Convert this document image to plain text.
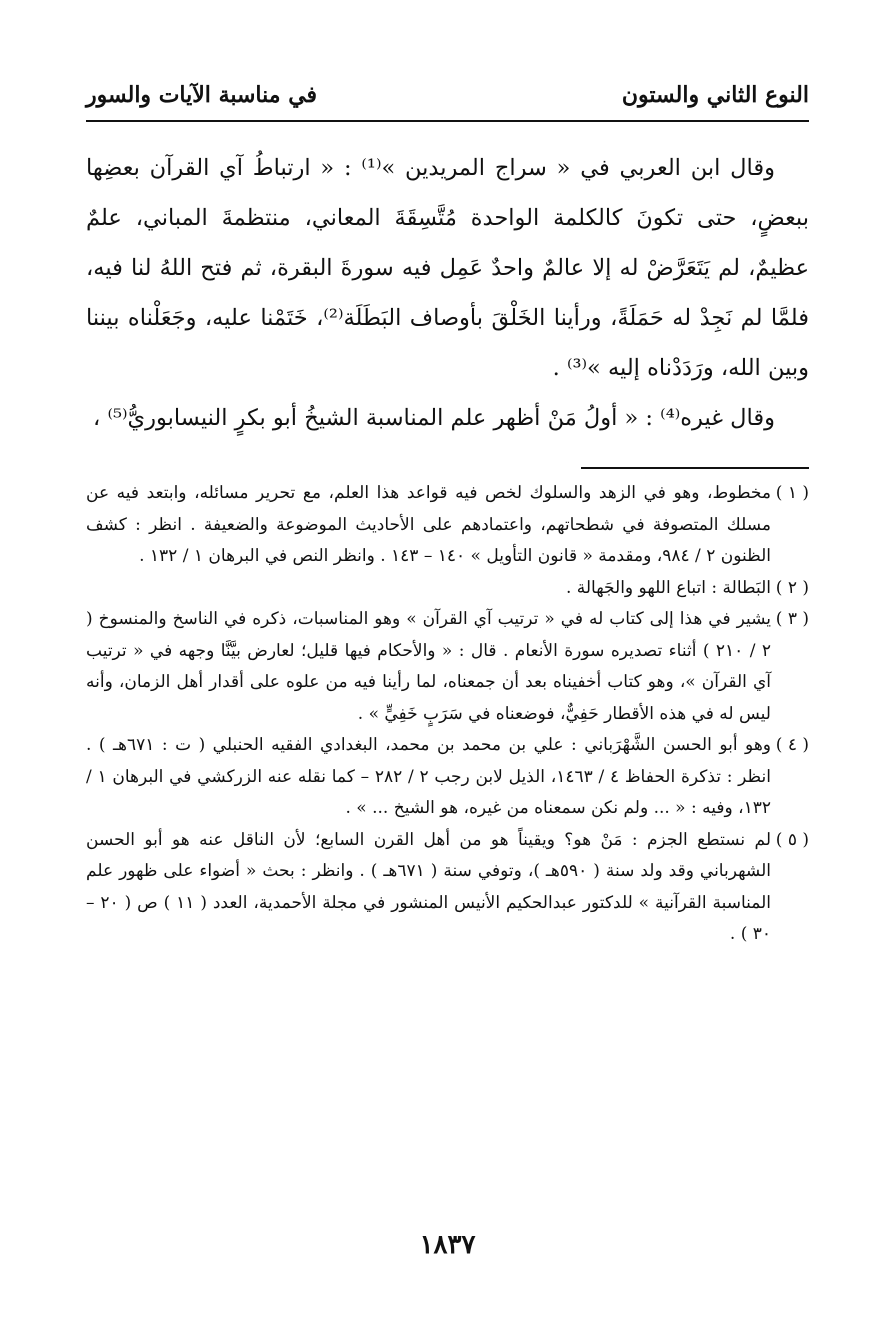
النوع الثاني والستون
في مناسبة الآيات والسور

وقال ابن العربي في « سراج المريدين »⁽¹⁾ : « ارتباطُ آي القرآن بعضِها ببعضٍ، حتى تكونَ كالكلمة الواحدة مُتَّسِقَةَ المعاني، منتظمةَ المباني، علمٌ عظيمٌ، لم يَتَعَرَّضْ له إلا عالمٌ واحدٌ عَمِل فيه سورةَ البقرة، ثم فتح اللهُ لنا فيه، فلمَّا لم نَجِدْ له حَمَلَةً، ورأينا الخَلْقَ بأوصاف البَطَلَة⁽²⁾، خَتَمْنا عليه، وجَعَلْناه بيننا وبين الله، ورَدَدْناه إليه »⁽³⁾ .

وقال غيره⁽⁴⁾ : « أولُ مَنْ أظهر علم المناسبة الشيخُ أبو بكرٍ النيسابوريُّ⁽⁵⁾ ،

( ١ )
مخطوط، وهو في الزهد والسلوك لخص فيه قواعد هذا العلم، مع تحرير مسائله، وابتعد فيه عن مسلك المتصوفة في شطحاتهم، واعتمادهم على الأحاديث الموضوعة والضعيفة . انظر : كشف الظنون ٢ / ٩٨٤، ومقدمة « قانون التأويل » ١٤٠ – ١٤٣ . وانظر النص في البرهان ١ / ١٣٢ .
( ٢ )
البَطالة : اتباع اللهو والجَهالة .
( ٣ )
يشير في هذا إلى كتاب له في « ترتيب آي القرآن » وهو المناسبات، ذكره في الناسخ والمنسوخ ( ٢ / ٢١٠ ) أثناء تصديره سورة الأنعام . قال : « والأحكام فيها قليل؛ لعارض بيَّنَّا وجهه في « ترتيب آي القرآن »، وهو كتاب أخفيناه بعد أن جمعناه، لما رأينا فيه من علوه على أقدار أهل الزمان، وأنه ليس له في هذه الأقطار حَفِيٌّ، فوضعناه في سَرَبٍ خَفِيٍّ » .
( ٤ )
وهو أبو الحسن الشَّهْرَباني : علي بن محمد بن محمد، البغدادي الفقيه الحنبلي ( ت : ٦٧١هـ ) . انظر : تذكرة الحفاظ ٤ / ١٤٦٣، الذيل لابن رجب ٢ / ٢٨٢ – كما نقله عنه الزركشي في البرهان ١ / ١٣٢، وفيه : « ... ولم نكن سمعناه من غيره، هو الشيخ ... » .
( ٥ )
لم نستطع الجزم : مَنْ هو؟ ويقيناً هو من أهل القرن السابع؛ لأن الناقل عنه هو أبو الحسن الشهرباني وقد ولد سنة ( ٥٩٠هـ )، وتوفي سنة ( ٦٧١هـ ) . وانظر : بحث « أضواء على ظهور علم المناسبة القرآنية » للدكتور عبدالحكيم الأنيس المنشور في مجلة الأحمدية، العدد ( ١١ ) ص ( ٢٠ – ٣٠ ) .
١٨٣٧
